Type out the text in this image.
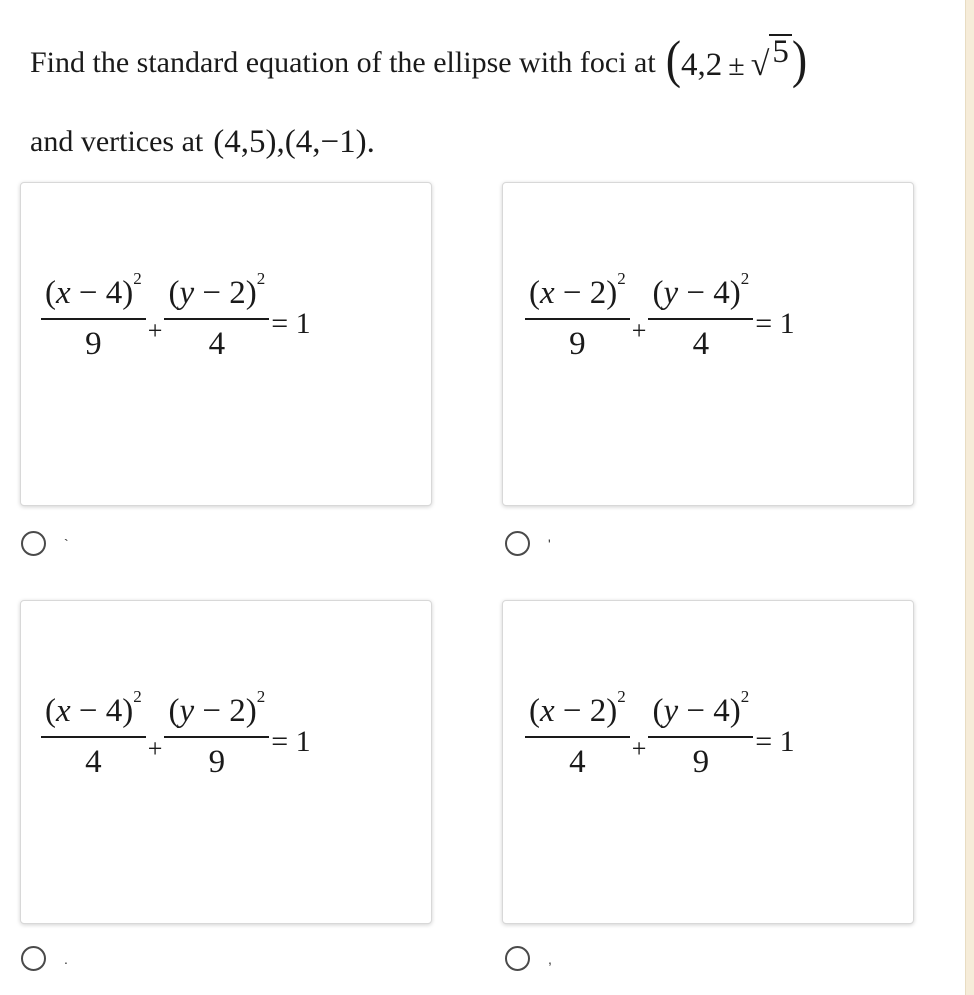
Find the standard equation of the ellipse with foci at (4,2 ± √ 5 )
and vertices at (4,5),(4,−1).
$\frac{(x - 4)^2}{9} + \frac{(y - 2)^2}{4} = 1$
`
$\frac{(x - 2)^2}{9} + \frac{(y - 4)^2}{4} = 1$
'
$\frac{(x - 4)^2}{4} + \frac{(y - 2)^2}{9} = 1$
.
$\frac{(x - 2)^2}{4} + \frac{(y - 4)^2}{9} = 1$
,
